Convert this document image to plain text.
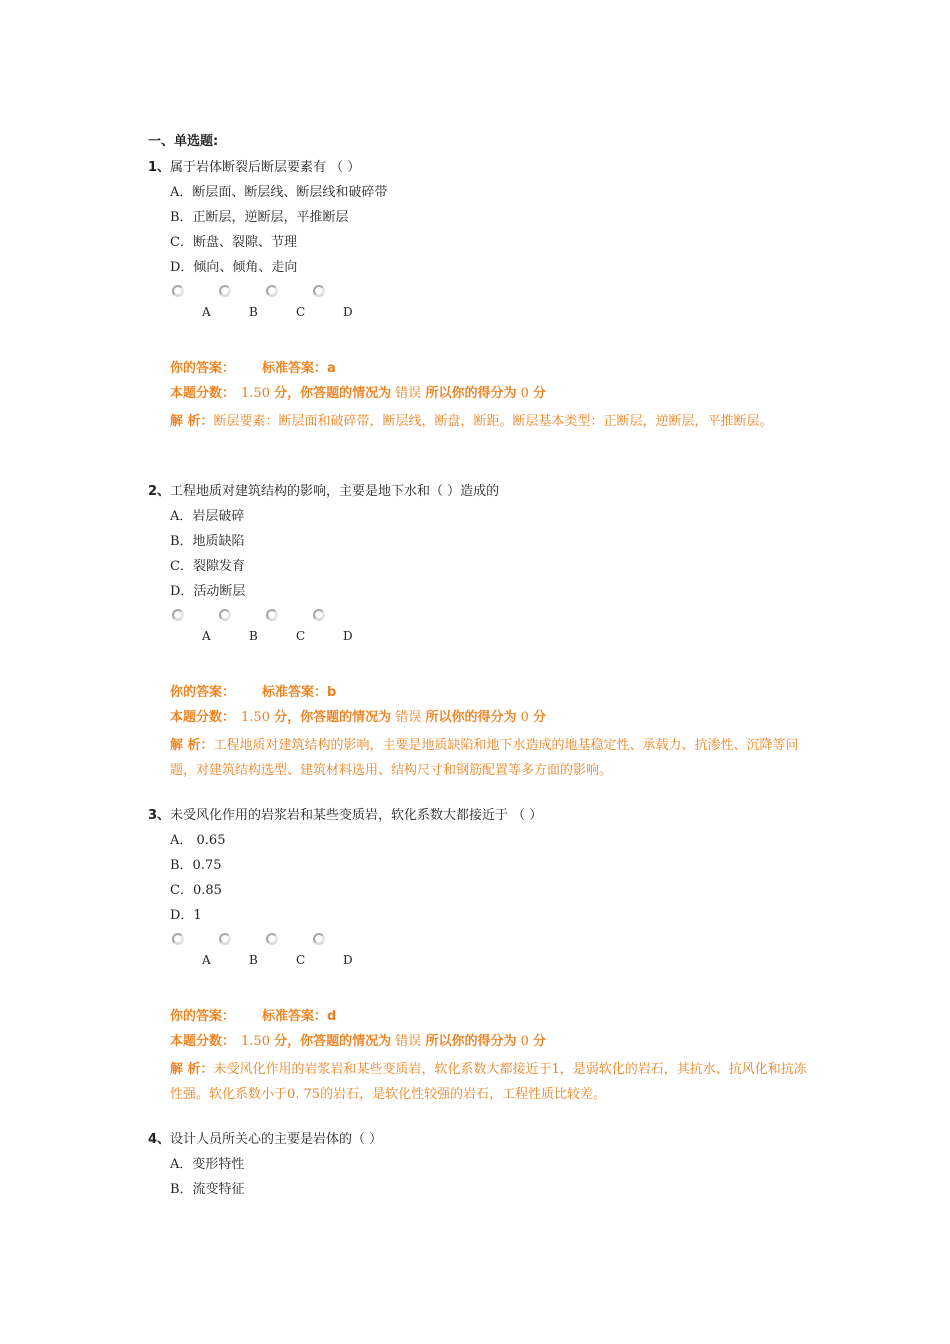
一、单选题:
1、属于岩体断裂后断层要素有 （ ）
A．断层面、断层线、断层线和破碎带
B．正断层，逆断层，平推断层
C．断盘、裂隙、节理
D．倾向、倾角、走向
A	B	C	D
你的答案： 标准答案：a
本题分数： 1.50 分，你答题的情况为 错误 所以你的得分为 0 分
解 析：断层要素：断层面和破碎带，断层线，断盘，断距。断层基本类型：正断层，逆断层，平推断层。
2、工程地质对建筑结构的影响，主要是地下水和（ ）造成的
A．岩层破碎
B．地质缺陷
C．裂隙发育
D．活动断层
A	B	C	D
你的答案： 标准答案：b
本题分数： 1.50 分，你答题的情况为 错误 所以你的得分为 0 分
解 析：工程地质对建筑结构的影响，主要是地质缺陷和地下水造成的地基稳定性、承载力、抗渗性、沉降等问题，对建筑结构选型、建筑材料选用、结构尺寸和钢筋配置等多方面的影响。
3、未受风化作用的岩浆岩和某些变质岩，软化系数大都接近于 （ ）
A． 0.65
B．0.75
C．0.85
D．1
A	B	C	D
你的答案： 标准答案：d
本题分数： 1.50 分，你答题的情况为 错误 所以你的得分为 0 分
解 析：未受风化作用的岩浆岩和某些变质岩，软化系数大都接近于1，是弱软化的岩石，其抗水、抗风化和抗冻性强。软化系数小于0. 75的岩石，是软化性较强的岩石，工程性质比较差。
4、设计人员所关心的主要是岩体的（ ）
A．变形特性
B．流变特征
